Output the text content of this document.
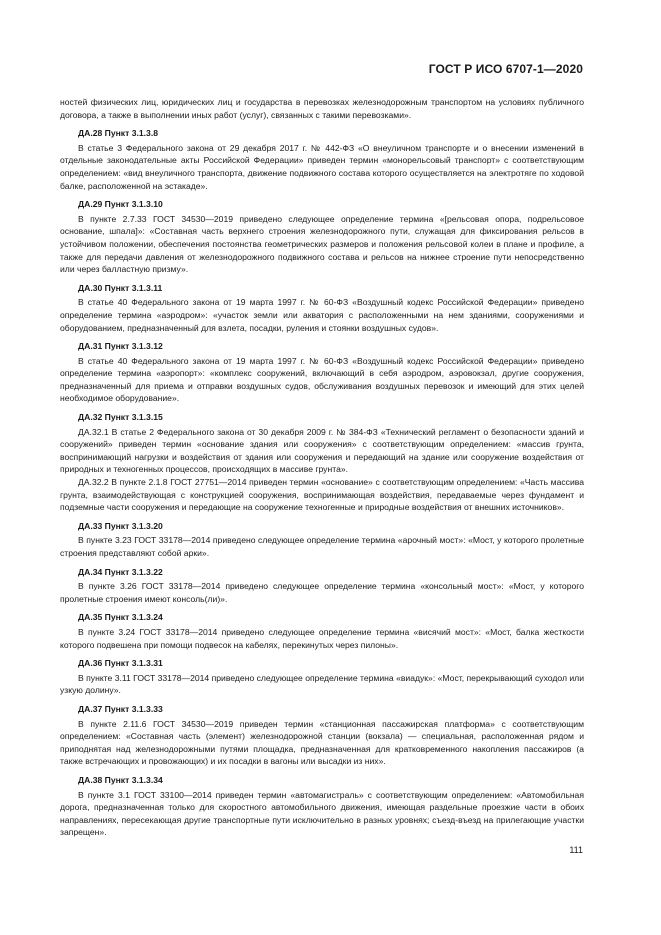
ГОСТ Р ИСО 6707-1—2020

ностей физических лиц, юридических лиц и государства в перевозках железнодорожным транспортом на условиях публичного договора, а также в выполнении иных работ (услуг), связанных с такими перевозками».

ДА.28 Пункт 3.1.3.8

В статье 3 Федерального закона от 29 декабря 2017 г. № 442-ФЗ «О внеуличном транспорте и о внесении изменений в отдельные законодательные акты Российской Федерации» приведен термин «монорельсовый транспорт» с соответствующим определением: «вид внеуличного транспорта, движение подвижного состава которого осуществляется на электротяге по ходовой балке, расположенной на эстакаде».

ДА.29 Пункт 3.1.3.10

В пункте 2.7.33 ГОСТ 34530—2019 приведено следующее определение термина «[рельсовая опора, подрельсовое основание, шпала]»: «Составная часть верхнего строения железнодорожного пути, служащая для фиксирования рельсов в устойчивом положении, обеспечения постоянства геометрических размеров и положения рельсовой колеи в плане и профиле, а также для передачи давления от железнодорожного подвижного состава и рельсов на нижнее строение пути непосредственно или через балластную призму».

ДА.30 Пункт 3.1.3.11

В статье 40 Федерального закона от 19 марта 1997 г. № 60-ФЗ «Воздушный кодекс Российской Федерации» приведено определение термина «аэродром»: «участок земли или акватория с расположенными на нем зданиями, сооружениями и оборудованием, предназначенный для взлета, посадки, руления и стоянки воздушных судов».

ДА.31 Пункт 3.1.3.12

В статье 40 Федерального закона от 19 марта 1997 г. № 60-ФЗ «Воздушный кодекс Российской Федерации» приведено определение термина «аэропорт»: «комплекс сооружений, включающий в себя аэродром, аэровокзал, другие сооружения, предназначенный для приема и отправки воздушных судов, обслуживания воздушных перевозок и имеющий для этих целей необходимое оборудование».

ДА.32 Пункт 3.1.3.15

ДА.32.1 В статье 2 Федерального закона от 30 декабря 2009 г. № 384-ФЗ «Технический регламент о безопасности зданий и сооружений» приведен термин «основание здания или сооружения» с соответствующим определением: «массив грунта, воспринимающий нагрузки и воздействия от здания или сооружения и передающий на здание или сооружение воздействия от природных и техногенных процессов, происходящих в массиве грунта».

ДА.32.2 В пункте 2.1.8 ГОСТ 27751—2014 приведен термин «основание» с соответствующим определением: «Часть массива грунта, взаимодействующая с конструкцией сооружения, воспринимающая воздействия, передаваемые через фундамент и подземные части сооружения и передающие на сооружение техногенные и природные воздействия от внешних источников».

ДА.33 Пункт 3.1.3.20

В пункте 3.23 ГОСТ 33178—2014 приведено следующее определение термина «арочный мост»: «Мост, у которого пролетные строения представляют собой арки».

ДА.34 Пункт 3.1.3.22

В пункте 3.26 ГОСТ 33178—2014 приведено следующее определение термина «консольный мост»: «Мост, у которого пролетные строения имеют консоль(ли)».

ДА.35 Пункт 3.1.3.24

В пункте 3.24 ГОСТ 33178—2014 приведено следующее определение термина «висячий мост»: «Мост, балка жесткости которого подвешена при помощи подвесок на кабелях, перекинутых через пилоны».

ДА.36 Пункт 3.1.3.31

В пункте 3.11 ГОСТ 33178—2014 приведено следующее определение термина «виадук»: «Мост, перекрывающий суходол или узкую долину».

ДА.37 Пункт 3.1.3.33

В пункте 2.11.6 ГОСТ 34530—2019 приведен термин «станционная пассажирская платформа» с соответствующим определением: «Составная часть (элемент) железнодорожной станции (вокзала) — специальная, расположенная рядом и приподнятая над железнодорожными путями площадка, предназначенная для кратковременного накопления пассажиров (а также встречающих и провожающих) и их посадки в вагоны или высадки из них».

ДА.38 Пункт 3.1.3.34

В пункте 3.1 ГОСТ 33100—2014 приведен термин «автомагистраль» с соответствующим определением: «Автомобильная дорога, предназначенная только для скоростного автомобильного движения, имеющая раздельные проезжие части в обоих направлениях, пересекающая другие транспортные пути исключительно в разных уровнях; съезд-въезд на прилегающие участки запрещен».

111
